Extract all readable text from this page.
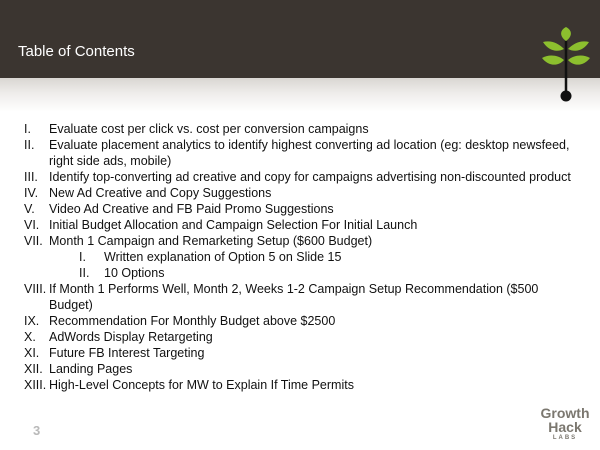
Table of Contents
I. Evaluate cost per click vs. cost per conversion campaigns
II. Evaluate placement analytics to identify highest converting ad location (eg: desktop newsfeed, right side ads, mobile)
III. Identify top-converting ad creative and copy for campaigns advertising non-discounted product
IV. New Ad Creative and Copy Suggestions
V. Video Ad Creative and FB Paid Promo Suggestions
VI. Initial Budget Allocation and Campaign Selection For Initial Launch
VII. Month 1 Campaign and Remarketing Setup ($600 Budget)
I. Written explanation of Option 5 on Slide 15
II. 10 Options
VIII. If Month 1 Performs Well, Month 2, Weeks 1-2 Campaign Setup Recommendation ($500 Budget)
IX. Recommendation For Monthly Budget above $2500
X. AdWords Display Retargeting
XI. Future FB Interest Targeting
XII. Landing Pages
XIII. High-Level Concepts for MW to Explain If Time Permits
3
Growth
Hack
LABS
